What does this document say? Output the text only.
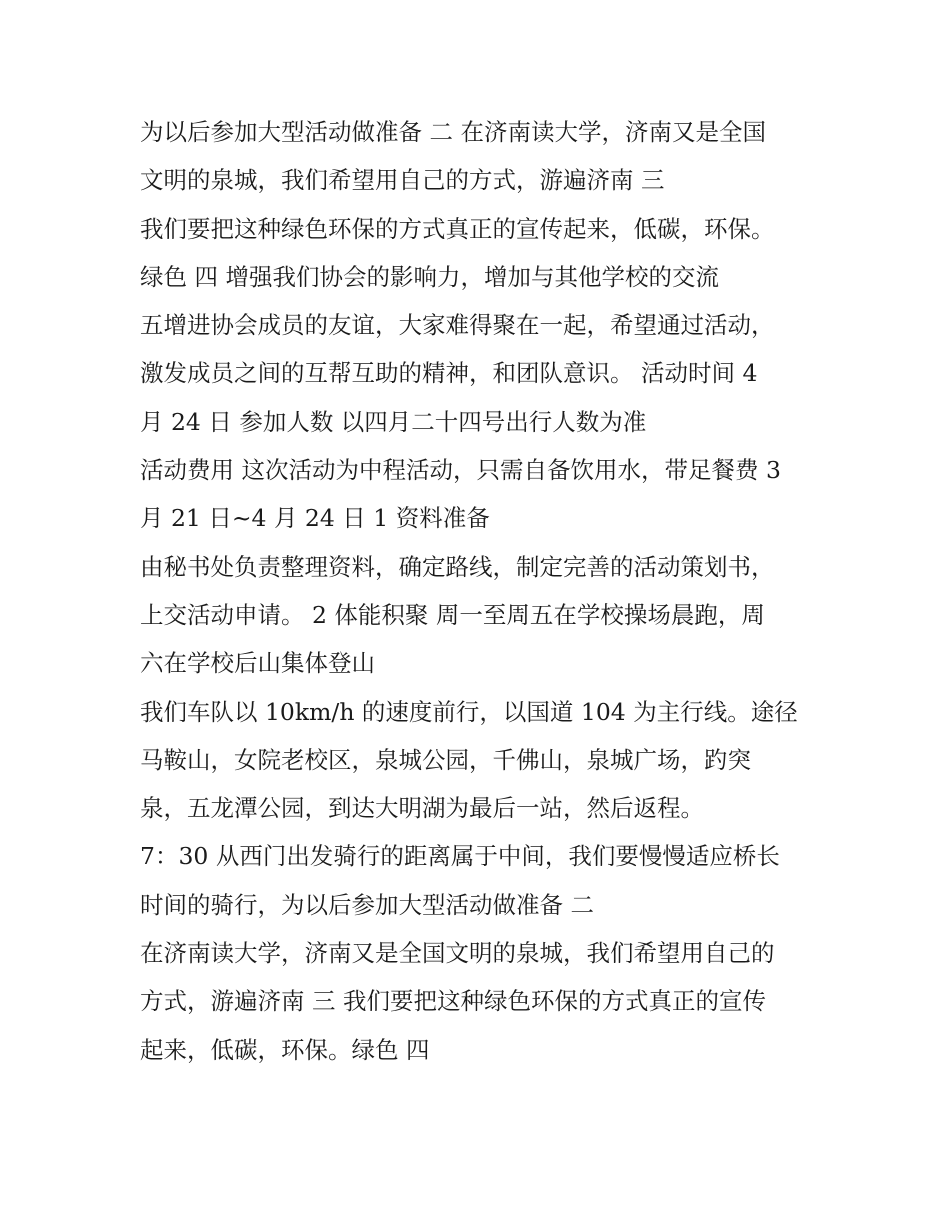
为以后参加大型活动做准备 二 在济南读大学，济南又是全国
文明的泉城，我们希望用自己的方式，游遍济南 三
我们要把这种绿色环保的方式真正的宣传起来，低碳，环保。
绿色 四 增强我们协会的影响力，增加与其他学校的交流
五增进协会成员的友谊，大家难得聚在一起，希望通过活动，
激发成员之间的互帮互助的精神，和团队意识。 活动时间 4
月 24 日 参加人数 以四月二十四号出行人数为准
活动费用 这次活动为中程活动，只需自备饮用水，带足餐费 3
月 21 日~4 月 24 日 1 资料准备
由秘书处负责整理资料，确定路线，制定完善的活动策划书，
上交活动申请。 2 体能积聚 周一至周五在学校操场晨跑，周
六在学校后山集体登山
我们车队以 10km/h 的速度前行，以国道 104 为主行线。途径
马鞍山，女院老校区，泉城公园，千佛山，泉城广场，趵突
泉，五龙潭公园，到达大明湖为最后一站，然后返程。
7：30 从西门出发骑行的距离属于中间，我们要慢慢适应桥长
时间的骑行，为以后参加大型活动做准备 二
在济南读大学，济南又是全国文明的泉城，我们希望用自己的
方式，游遍济南 三 我们要把这种绿色环保的方式真正的宣传
起来，低碳，环保。绿色 四
